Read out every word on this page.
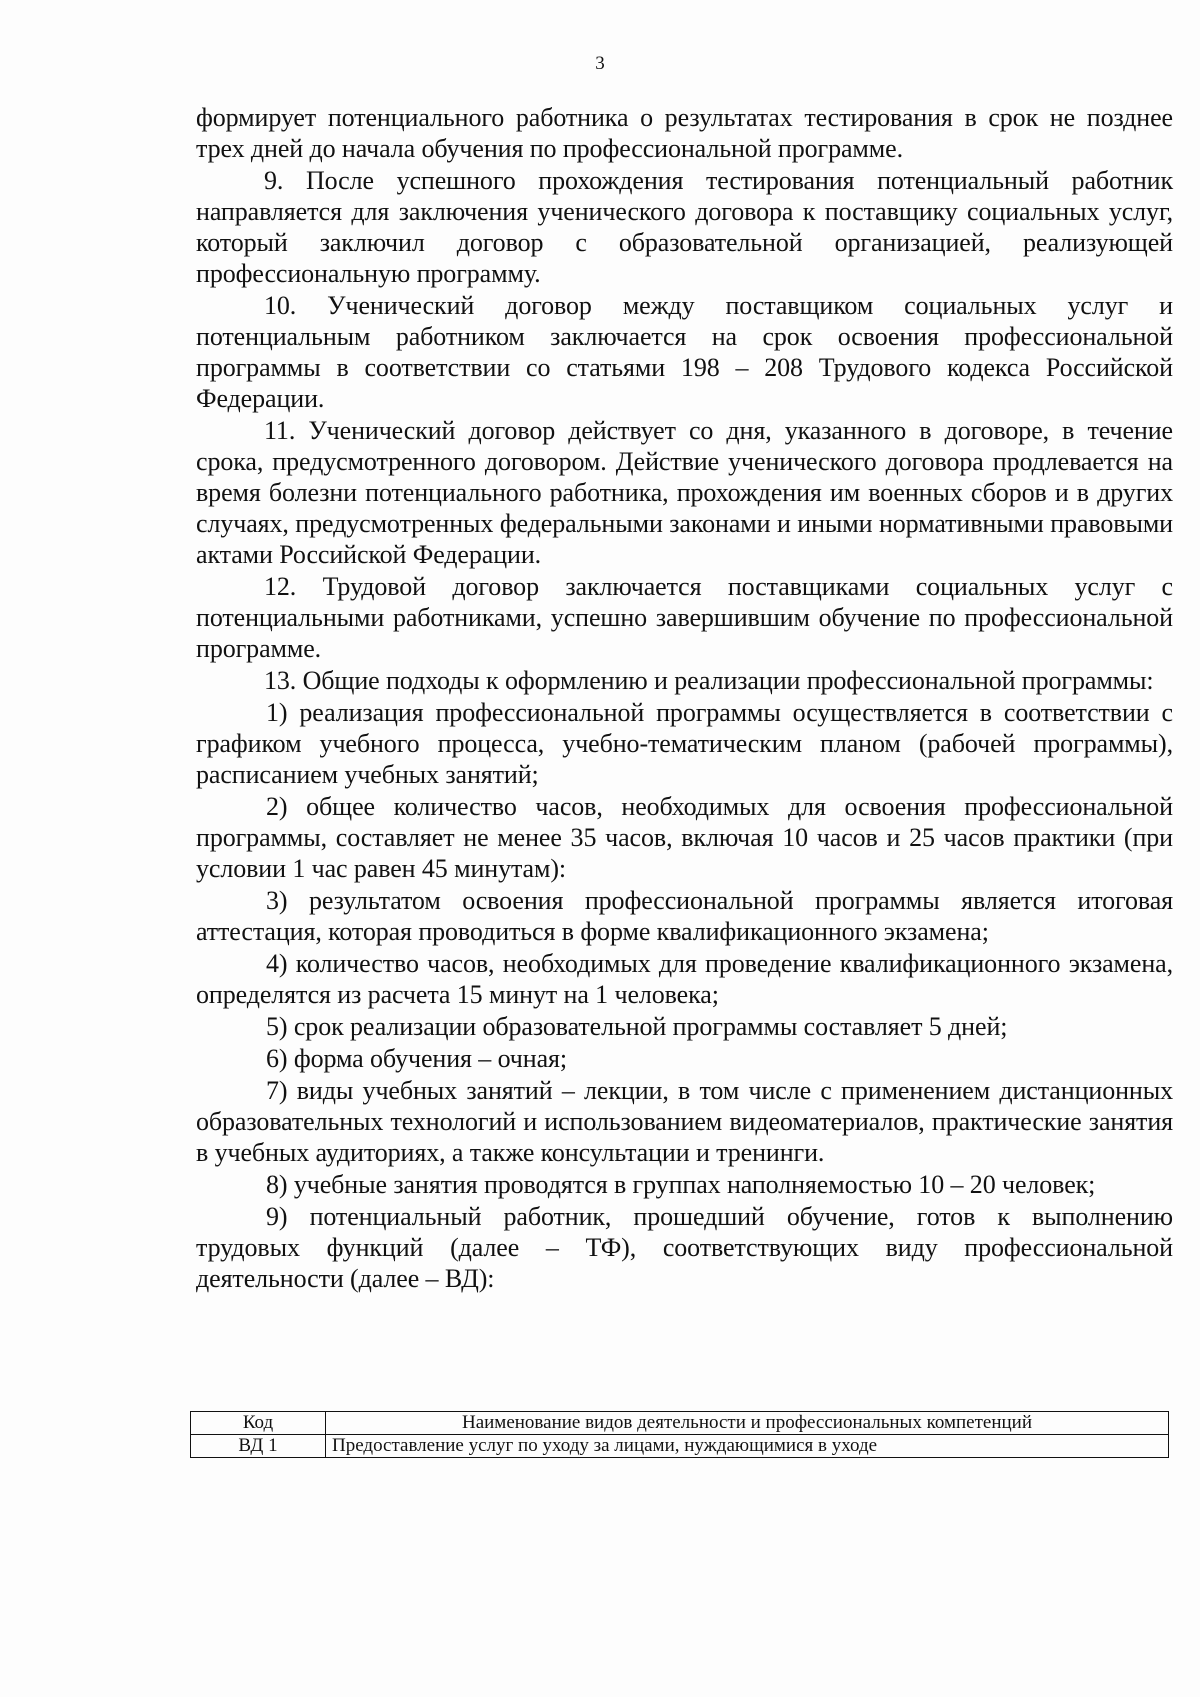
3

формирует потенциального работника о результатах тестирования в срок не позднее трех дней до начала обучения по профессиональной программе.

9. После успешного прохождения тестирования потенциальный работник направляется для заключения ученического договора к поставщику социальных услуг, который заключил договор с образовательной организацией, реализующей профессиональную программу.

10. Ученический договор между поставщиком социальных услуг и потенциальным работником заключается на срок освоения профессиональной программы в соответствии со статьями 198 – 208 Трудового кодекса Российской Федерации.

11. Ученический договор действует со дня, указанного в договоре, в течение срока, предусмотренного договором. Действие ученического договора продлевается на время болезни потенциального работника, прохождения им военных сборов и в других случаях, предусмотренных федеральными законами и иными нормативными правовыми актами Российской Федерации.

12. Трудовой договор заключается поставщиками социальных услуг с потенциальными работниками, успешно завершившим обучение по профессиональной программе.

13. Общие подходы к оформлению и реализации профессиональной программы:

1) реализация профессиональной программы осуществляется в соответствии с графиком учебного процесса, учебно-тематическим планом (рабочей программы), расписанием учебных занятий;

2) общее количество часов, необходимых для освоения профессиональной программы, составляет не менее 35 часов, включая 10 часов и 25 часов практики (при условии 1 час равен 45 минутам):

3) результатом освоения профессиональной программы является итоговая аттестация, которая проводиться в форме квалификационного экзамена;

4) количество часов, необходимых для проведение квалификационного экзамена, определятся из расчета 15 минут на 1 человека;

5) срок реализации образовательной программы составляет 5 дней;

6) форма обучения – очная;

7) виды учебных занятий – лекции, в том числе с применением дистанционных образовательных технологий и использованием видеоматериалов, практические занятия в учебных аудиториях, а также консультации и тренинги.

8) учебные занятия проводятся в группах наполняемостью 10 – 20 человек;

9) потенциальный работник, прошедший обучение, готов к выполнению трудовых функций (далее – ТФ), соответствующих виду профессиональной деятельности (далее – ВД):

Код	Наименование видов деятельности и профессиональных компетенций
ВД 1	Предоставление услуг по уходу за лицами, нуждающимися в уходе
